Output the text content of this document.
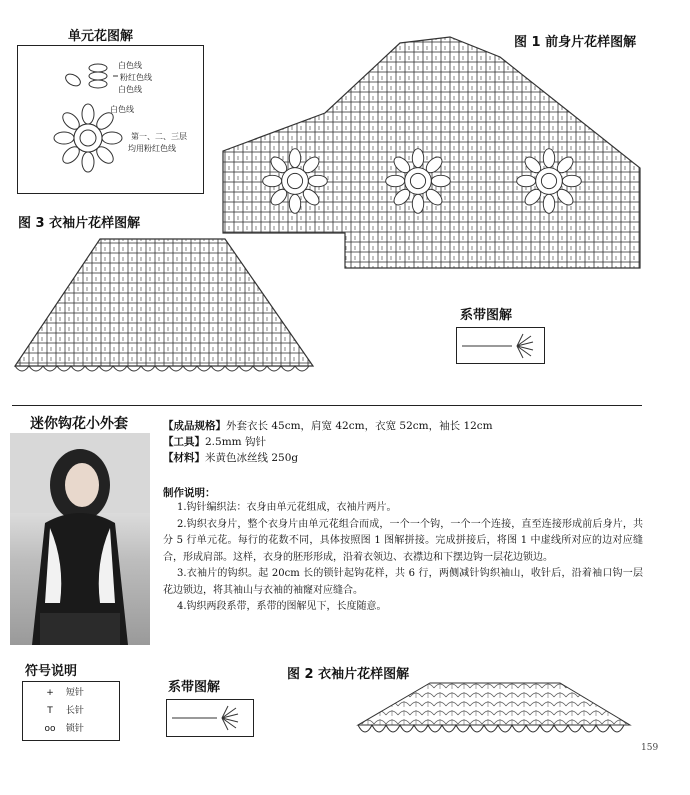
单元花图解
白色线
粉红色线
白色线
白色线
第一、二、三层
均用粉红色线
图 1 前身片花样图解
图 3 衣袖片花样图解
系带图解
迷你钩花小外套	【成品规格】外套衣长 45cm，肩宽 42cm，衣宽 52cm，袖长 12cm
【工具】2.5mm 钩针
【材料】米黄色冰丝线 250g
制作说明：

1.钩针编织法：衣身由单元花组成，衣袖片两片。

2.钩织衣身片，整个衣身片由单元花组合而成，一个一个钩，一个一个连接，直至连接形成前后身片，共分 5 行单元花。每行的花数不同，具体按照图 1 图解拼接。完成拼接后，将图 1 中虚线所对应的边对应缝合，形成肩部。这样，衣身的胚形形成，沿着衣领边、衣襟边和下摆边钩一层花边锁边。

3.衣袖片的钩织。起 20cm 长的锁针起钩花样，共 6 行，两侧减针钩织袖山，收针后，沿着袖口钩一层花边锁边，将其袖山与衣袖的袖窿对应缝合。

4.钩织两段系带，系带的图解见下，长度随意。

符号说明
+ 短针
T 长针
oo 锁针
系带图解
图 2 衣袖片花样图解
159
